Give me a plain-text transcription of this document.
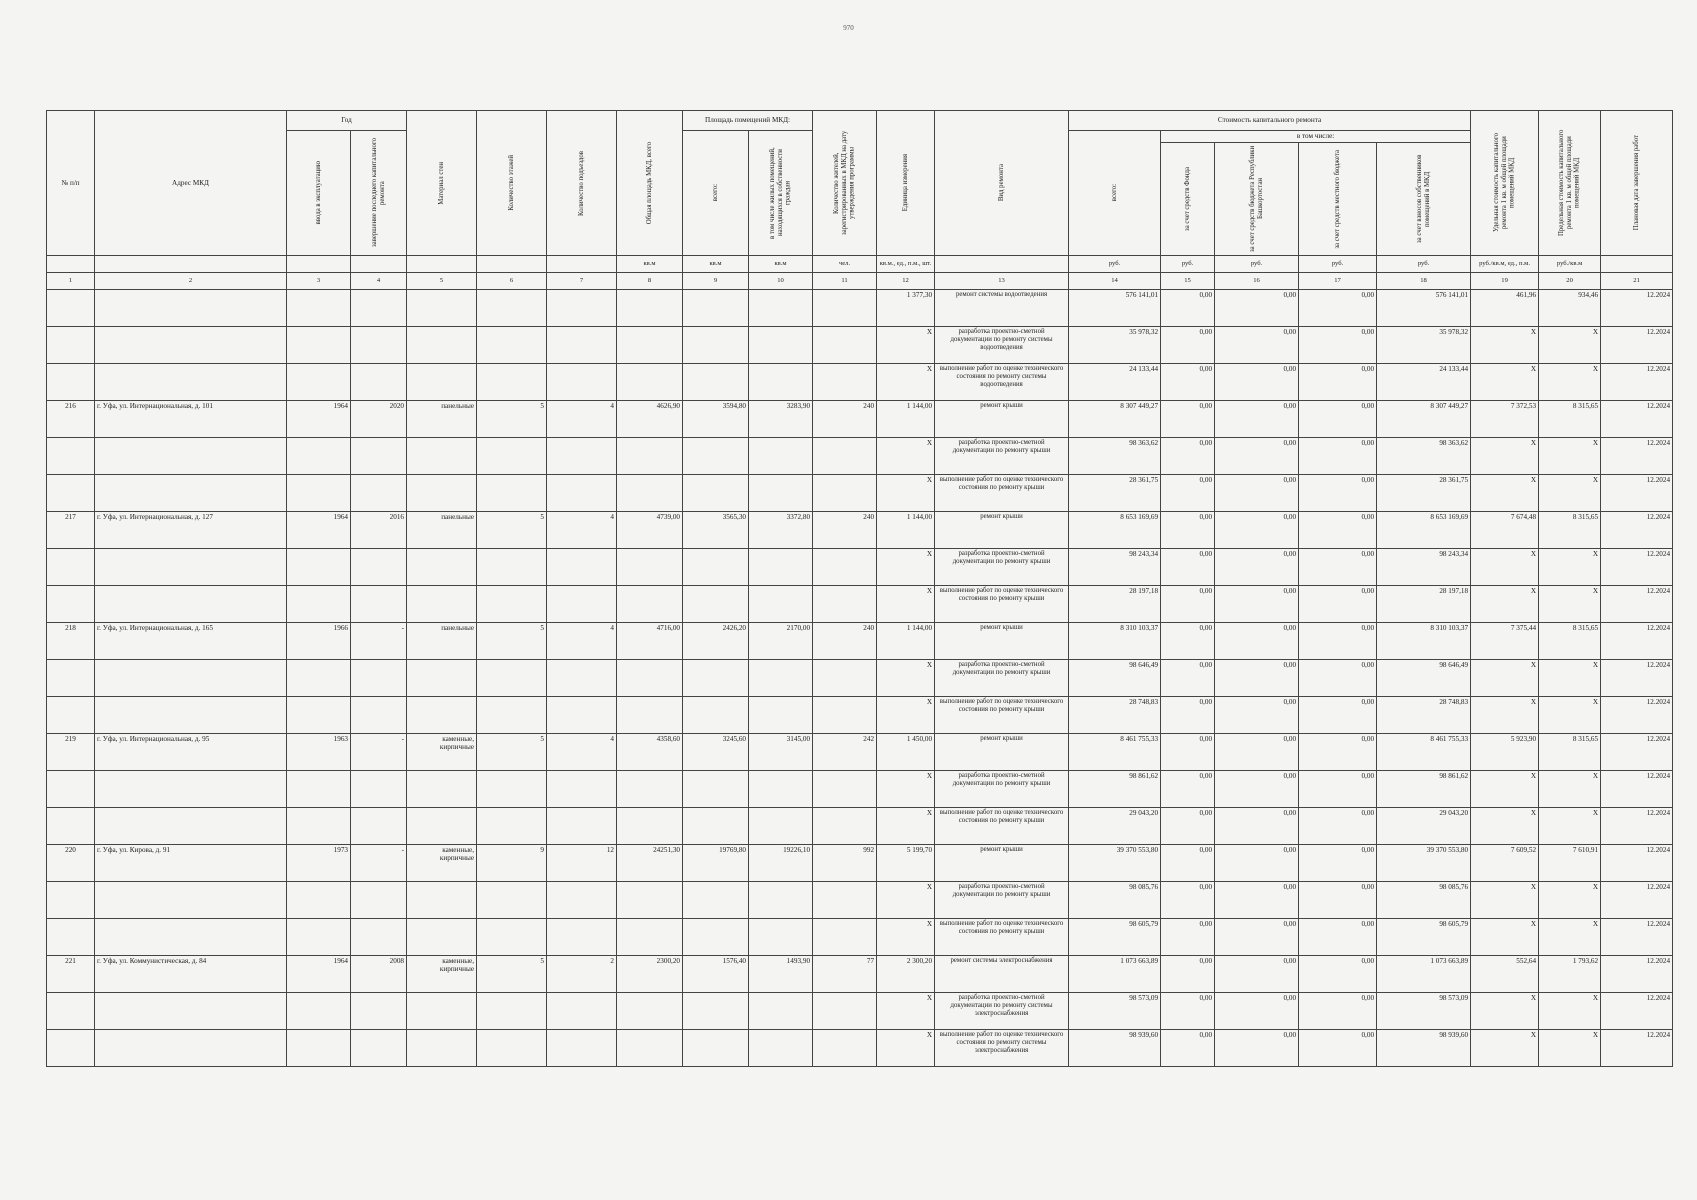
970
№ п/п	Адрес МКД	Год		Материал стен	Количество этажей	Количество подъездов	Общая площадь МКД, всего	Площадь помещений МКД:		Количество жителей, зарегистрированных в МКД на дату утверждения программы	Единица измерения	Вид ремонта	Стоимость капитального ремонта					Удельная стоимость капитального ремонта 1 кв. м общей площади помещений МКД	Предельная стоимость капитального ремонта 1 кв. м общей площади помещений МКД	Плановая дата завершения работ

		ввода в эксплуатацию	завершение последнего капитального ремонта					всего:	в том числе жилых помещений, находящихся в собственности граждан				всего:	в том числе:						

														за счет средств Фонда	за счет средств бюджета Республики Башкортостан	за счет средств местного бюджета	за счет взносов собственников помещений в МКД			

							кв.м	кв.м	кв.м	чел.	кв.м., ед., п.м., шт.		руб.	руб.	руб.	руб.	руб.	руб./кв.м, ед., п.м.	руб./кв.м	
1	2	3	4	5	6	7	8	9	10	11	12	13	14	15	16	17	18	19	20	21
											1 377,30	ремонт системы водоотведения	576 141,01	0,00	0,00	0,00	576 141,01	461,96	934,46	12.2024
											X	разработка проектно-сметной документации по ремонту системы водоотведения	35 978,32	0,00	0,00	0,00	35 978,32	X	X	12.2024
											X	выполнение работ по оценке технического состояния по ремонту системы водоотведения	24 133,44	0,00	0,00	0,00	24 133,44	X	X	12.2024
216	г. Уфа, ул. Интернациональная, д. 101	1964	2020	панельные	5	4	4626,90	3594,80	3283,90	240	1 144,00	ремонт крыши	8 307 449,27	0,00	0,00	0,00	8 307 449,27	7 372,53	8 315,65	12.2024
											X	разработка проектно-сметной документации по ремонту крыши	98 363,62	0,00	0,00	0,00	98 363,62	X	X	12.2024
											X	выполнение работ по оценке технического состояния по ремонту крыши	28 361,75	0,00	0,00	0,00	28 361,75	X	X	12.2024
217	г. Уфа, ул. Интернациональная, д. 127	1964	2016	панельные	5	4	4739,00	3565,30	3372,80	240	1 144,00	ремонт крыши	8 653 169,69	0,00	0,00	0,00	8 653 169,69	7 674,48	8 315,65	12.2024
											X	разработка проектно-сметной документации по ремонту крыши	98 243,34	0,00	0,00	0,00	98 243,34	X	X	12.2024
											X	выполнение работ по оценке технического состояния по ремонту крыши	28 197,18	0,00	0,00	0,00	28 197,18	X	X	12.2024
218	г. Уфа, ул. Интернациональная, д. 165	1966	-	панельные	5	4	4716,00	2426,20	2170,00	240	1 144,00	ремонт крыши	8 310 103,37	0,00	0,00	0,00	8 310 103,37	7 375,44	8 315,65	12.2024
											X	разработка проектно-сметной документации по ремонту крыши	98 646,49	0,00	0,00	0,00	98 646,49	X	X	12.2024
											X	выполнение работ по оценке технического состояния по ремонту крыши	28 748,83	0,00	0,00	0,00	28 748,83	X	X	12.2024
219	г. Уфа, ул. Интернациональная, д. 95	1963	-	каменные, кирпичные	5	4	4358,60	3245,60	3145,00	242	1 450,00	ремонт крыши	8 461 755,33	0,00	0,00	0,00	8 461 755,33	5 923,90	8 315,65	12.2024
											X	разработка проектно-сметной документации по ремонту крыши	98 861,62	0,00	0,00	0,00	98 861,62	X	X	12.2024
											X	выполнение работ по оценке технического состояния по ремонту крыши	29 043,20	0,00	0,00	0,00	29 043,20	X	X	12.2024
220	г. Уфа, ул. Кирова, д. 91	1973	-	каменные, кирпичные	9	12	24251,30	19769,80	19226,10	992	5 199,70	ремонт крыши	39 370 553,80	0,00	0,00	0,00	39 370 553,80	7 609,52	7 610,91	12.2024
											X	разработка проектно-сметной документации по ремонту крыши	98 085,76	0,00	0,00	0,00	98 085,76	X	X	12.2024
											X	выполнение работ по оценке технического состояния по ремонту крыши	98 605,79	0,00	0,00	0,00	98 605,79	X	X	12.2024
221	г. Уфа, ул. Коммунистическая, д. 84	1964	2008	каменные, кирпичные	5	2	2300,20	1576,40	1493,90	77	2 300,20	ремонт системы электроснабжения	1 073 663,89	0,00	0,00	0,00	1 073 663,89	552,64	1 793,62	12.2024
											X	разработка проектно-сметной документации по ремонту системы электроснабжения	98 573,09	0,00	0,00	0,00	98 573,09	X	X	12.2024
											X	выполнение работ по оценке технического состояния по ремонту системы электроснабжения	98 939,60	0,00	0,00	0,00	98 939,60	X	X	12.2024
